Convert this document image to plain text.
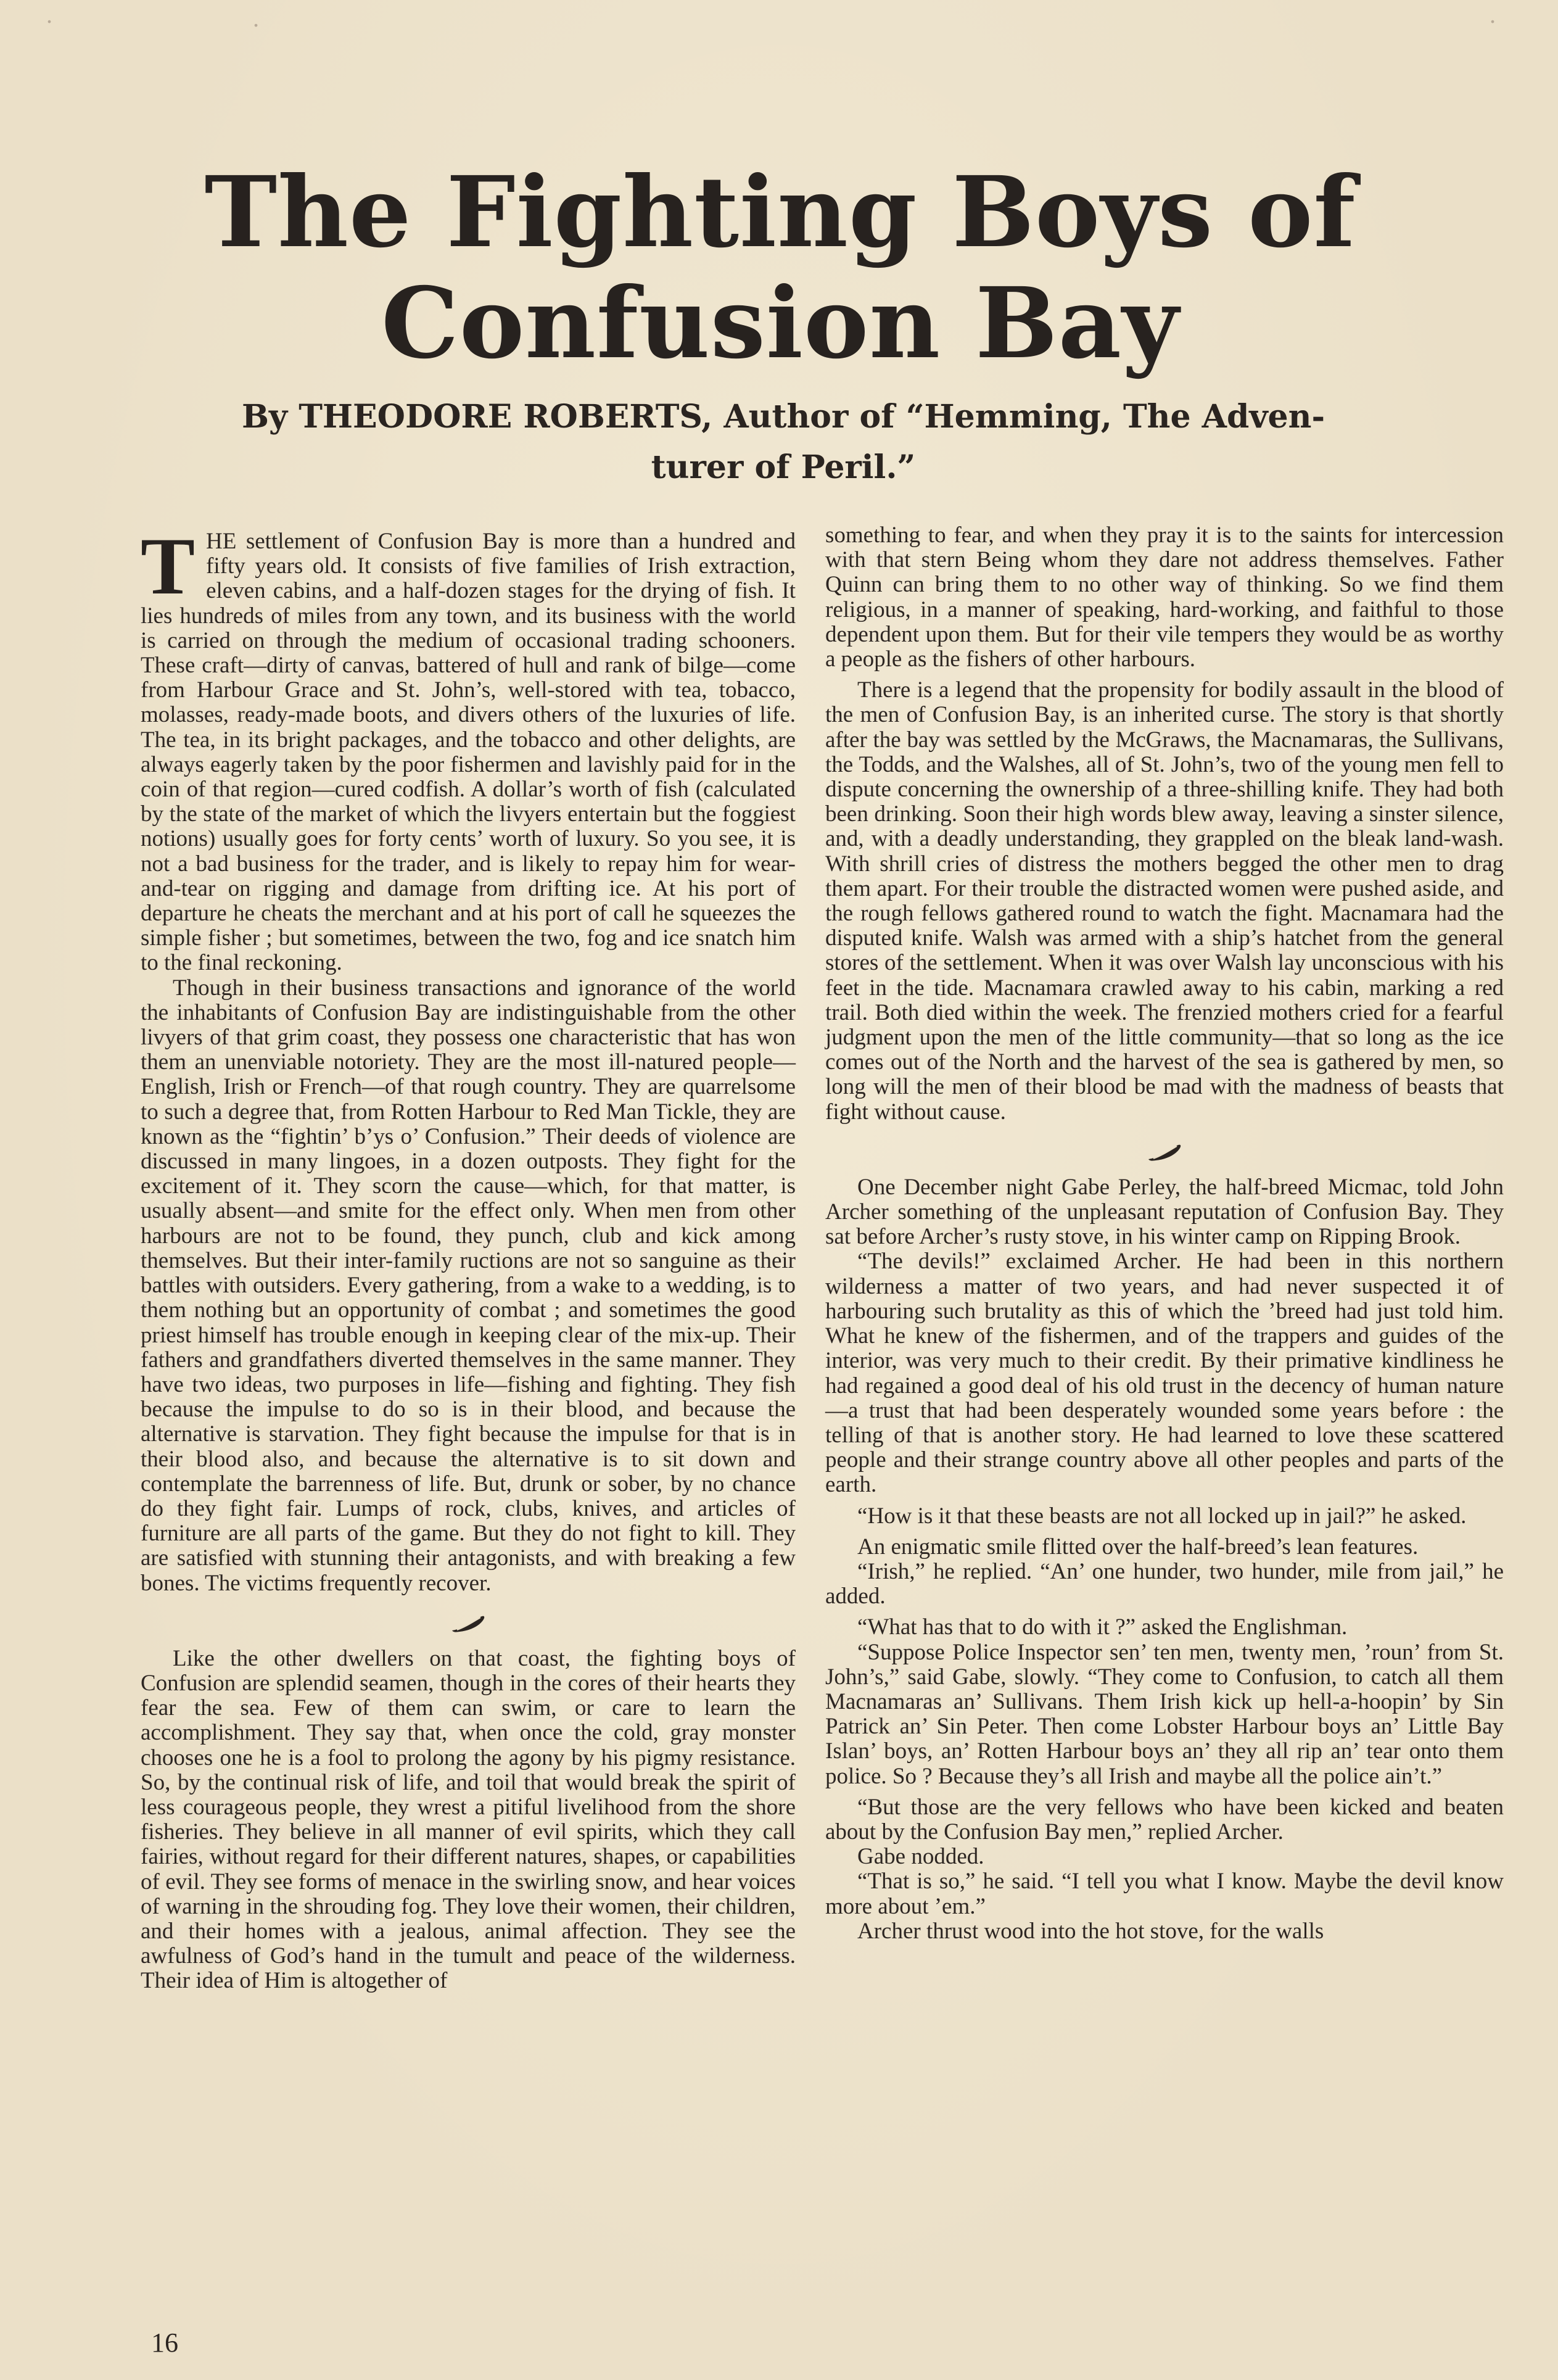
.	.	.
The Fighting Boys of
Confusion Bay
By THEODORE ROBERTS, Author of “Hemming, The Adven-
turer of Peril.”

THE settlement of Confusion Bay is more than a hundred and fifty years old. It consists of five families of Irish extraction, eleven cabins, and a half-dozen stages for the drying of fish. It lies hundreds of miles from any town, and its business with the world is carried on through the medium of occasional trading schooners. These craft—dirty of canvas, battered of hull and rank of bilge—come from Harbour Grace and St. John’s, well-stored with tea, tobacco, molasses, ready-made boots, and divers others of the luxuries of life. The tea, in its bright packages, and the tobacco and other delights, are always eagerly taken by the poor fishermen and lavishly paid for in the coin of that region—cured codfish. A dollar’s worth of fish (calculated by the state of the market of which the livyers entertain but the foggiest notions) usually goes for forty cents’ worth of luxury. So you see, it is not a bad business for the trader, and is likely to repay him for wear-and-tear on rigging and damage from drifting ice. At his port of departure he cheats the merchant and at his port of call he squeezes the simple fisher ; but sometimes, between the two, fog and ice snatch him to the final reckoning.

Though in their business transactions and ignorance of the world the inhabitants of Confusion Bay are indistinguishable from the other livyers of that grim coast, they possess one characteristic that has won them an unenviable notoriety. They are the most ill-natured people—English, Irish or French—of that rough country. They are quarrelsome to such a degree that, from Rotten Harbour to Red Man Tickle, they are known as the “fightin’ b’ys o’ Confusion.” Their deeds of violence are discussed in many lingoes, in a dozen outposts. They fight for the excitement of it. They scorn the cause—which, for that matter, is usually absent—and smite for the effect only. When men from other harbours are not to be found, they punch, club and kick among themselves. But their inter-family ructions are not so sanguine as their battles with outsiders. Every gathering, from a wake to a wedding, is to them nothing but an opportunity of combat ; and sometimes the good priest himself has trouble enough in keeping clear of the mix-up. Their fathers and grandfathers diverted themselves in the same manner. They have two ideas, two purposes in life—fishing and fighting. They fish because the impulse to do so is in their blood, and because the alternative is starvation. They fight because the impulse for that is in their blood also, and because the alternative is to sit down and contemplate the barrenness of life. But, drunk or sober, by no chance do they fight fair. Lumps of rock, clubs, knives, and articles of furniture are all parts of the game. But they do not fight to kill. They are satisfied with stunning their antagonists, and with breaking a few bones. The victims frequently recover.

Like the other dwellers on that coast, the fighting boys of Confusion are splendid seamen, though in the cores of their hearts they fear the sea. Few of them can swim, or care to learn the accomplishment. They say that, when once the cold, gray monster chooses one he is a fool to prolong the agony by his pigmy resistance. So, by the continual risk of life, and toil that would break the spirit of less courageous people, they wrest a pitiful livelihood from the shore fisheries. They believe in all manner of evil spirits, which they call fairies, without regard for their different natures, shapes, or capabilities of evil. They see forms of menace in the swirling snow, and hear voices of warning in the shrouding fog. They love their women, their children, and their homes with a jealous, animal affection. They see the awfulness of God’s hand in the tumult and peace of the wilderness. Their idea of Him is altogether of

something to fear, and when they pray it is to the saints for intercession with that stern Being whom they dare not address themselves. Father Quinn can bring them to no other way of thinking. So we find them religious, in a manner of speaking, hard-working, and faithful to those dependent upon them. But for their vile tempers they would be as worthy a people as the fishers of other harbours.

There is a legend that the propensity for bodily assault in the blood of the men of Confusion Bay, is an inherited curse. The story is that shortly after the bay was settled by the McGraws, the Macnamaras, the Sullivans, the Todds, and the Walshes, all of St. John’s, two of the young men fell to dispute concerning the ownership of a three-shilling knife. They had both been drinking. Soon their high words blew away, leaving a sinster silence, and, with a deadly understanding, they grappled on the bleak land-wash. With shrill cries of distress the mothers begged the other men to drag them apart. For their trouble the distracted women were pushed aside, and the rough fellows gathered round to watch the fight. Macnamara had the disputed knife. Walsh was armed with a ship’s hatchet from the general stores of the settlement. When it was over Walsh lay unconscious with his feet in the tide. Macnamara crawled away to his cabin, marking a red trail. Both died within the week. The frenzied mothers cried for a fearful judgment upon the men of the little community—that so long as the ice comes out of the North and the harvest of the sea is gathered by men, so long will the men of their blood be mad with the madness of beasts that fight without cause.

One December night Gabe Perley, the half-breed Micmac, told John Archer something of the unpleasant reputation of Confusion Bay. They sat before Archer’s rusty stove, in his winter camp on Ripping Brook.

“The devils!” exclaimed Archer. He had been in this northern wilderness a matter of two years, and had never suspected it of harbouring such brutality as this of which the ’breed had just told him. What he knew of the fishermen, and of the trappers and guides of the interior, was very much to their credit. By their primative kindliness he had regained a good deal of his old trust in the decency of human nature—a trust that had been desperately wounded some years before : the telling of that is another story. He had learned to love these scattered people and their strange country above all other peoples and parts of the earth.

“How is it that these beasts are not all locked up in jail?” he asked.

An enigmatic smile flitted over the half-breed’s lean features.

“Irish,” he replied. “An’ one hunder, two hunder, mile from jail,” he added.

“What has that to do with it ?” asked the Englishman.

“Suppose Police Inspector sen’ ten men, twenty men, ’roun’ from St. John’s,” said Gabe, slowly. “They come to Confusion, to catch all them Macnamaras an’ Sullivans. Them Irish kick up hell-a-hoopin’ by Sin Patrick an’ Sin Peter. Then come Lobster Harbour boys an’ Little Bay Islan’ boys, an’ Rotten Harbour boys an’ they all rip an’ tear onto them police. So ? Because they’s all Irish and maybe all the police ain’t.”

“But those are the very fellows who have been kicked and beaten about by the Confusion Bay men,” replied Archer.

Gabe nodded.

“That is so,” he said. “I tell you what I know. Maybe the devil know more about ’em.”

Archer thrust wood into the hot stove, for the walls

16
